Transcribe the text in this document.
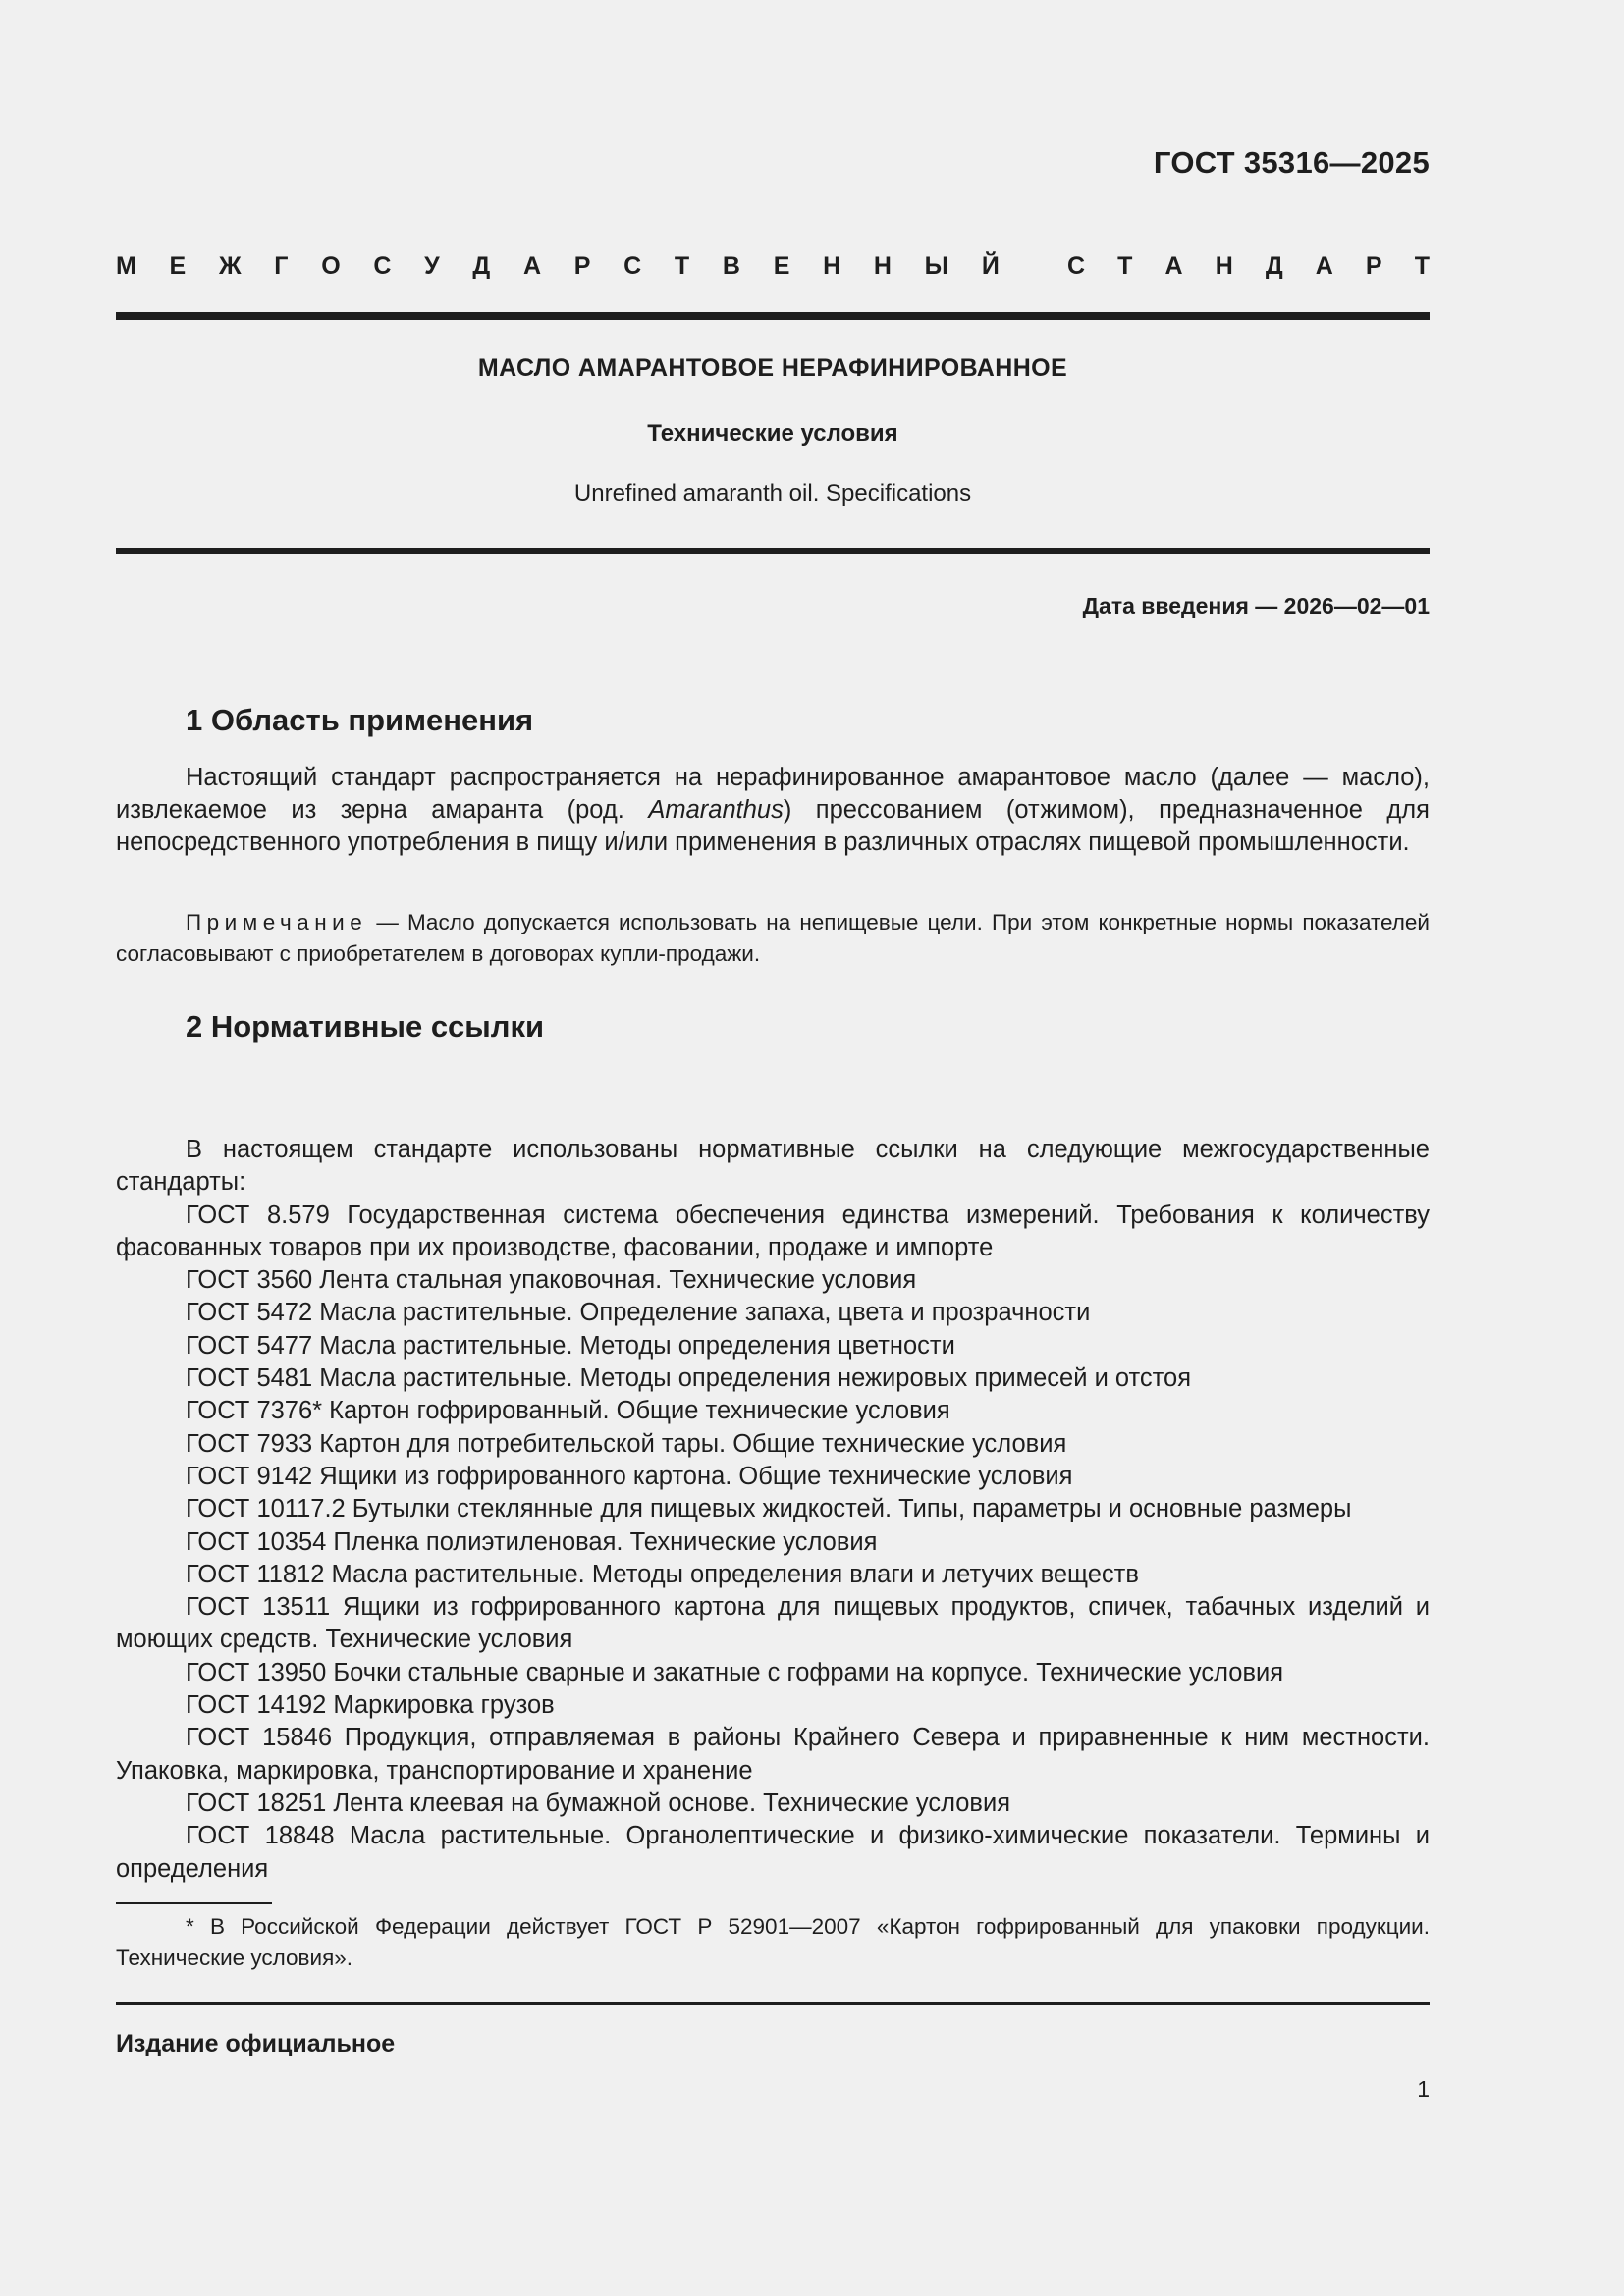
ГОСТ 35316—2025
М Е Ж Г О С У Д А Р С Т В Е Н Н Ы Й	С Т А Н Д А Р Т
МАСЛО АМАРАНТОВОЕ НЕРАФИНИРОВАННОЕ
Технические условия
Unrefined amaranth oil. Specifications
Дата введения — 2026—02—01
1 Область применения

Настоящий стандарт распространяется на нерафинированное амарантовое масло (далее — масло), извлекаемое из зерна амаранта (род. Amaranthus) прессованием (отжимом), предназначенное для непосредственного употребления в пищу и/или применения в различных отраслях пищевой промышленности.

Примечание — Масло допускается использовать на непищевые цели. При этом конкретные нормы показателей согласовывают с приобретателем в договорах купли-продажи.

2 Нормативные ссылки
В настоящем стандарте использованы нормативные ссылки на следующие межгосударственные стандарты:
ГОСТ 8.579 Государственная система обеспечения единства измерений. Требования к количеству фасованных товаров при их производстве, фасовании, продаже и импорте
ГОСТ 3560 Лента стальная упаковочная. Технические условия
ГОСТ 5472 Масла растительные. Определение запаха, цвета и прозрачности
ГОСТ 5477 Масла растительные. Методы определения цветности
ГОСТ 5481 Масла растительные. Методы определения нежировых примесей и отстоя
ГОСТ 7376* Картон гофрированный. Общие технические условия
ГОСТ 7933 Картон для потребительской тары. Общие технические условия
ГОСТ 9142 Ящики из гофрированного картона. Общие технические условия
ГОСТ 10117.2 Бутылки стеклянные для пищевых жидкостей. Типы, параметры и основные размеры
ГОСТ 10354 Пленка полиэтиленовая. Технические условия
ГОСТ 11812 Масла растительные. Методы определения влаги и летучих веществ
ГОСТ 13511 Ящики из гофрированного картона для пищевых продуктов, спичек, табачных изделий и моющих средств. Технические условия
ГОСТ 13950 Бочки стальные сварные и закатные с гофрами на корпусе. Технические условия
ГОСТ 14192 Маркировка грузов
ГОСТ 15846 Продукция, отправляемая в районы Крайнего Севера и приравненные к ним местности. Упаковка, маркировка, транспортирование и хранение
ГОСТ 18251 Лента клеевая на бумажной основе. Технические условия
ГОСТ 18848 Масла растительные. Органолептические и физико-химические показатели. Термины и определения

* В Российской Федерации действует ГОСТ Р 52901—2007 «Картон гофрированный для упаковки продукции. Технические условия».

Издание официальное
1
